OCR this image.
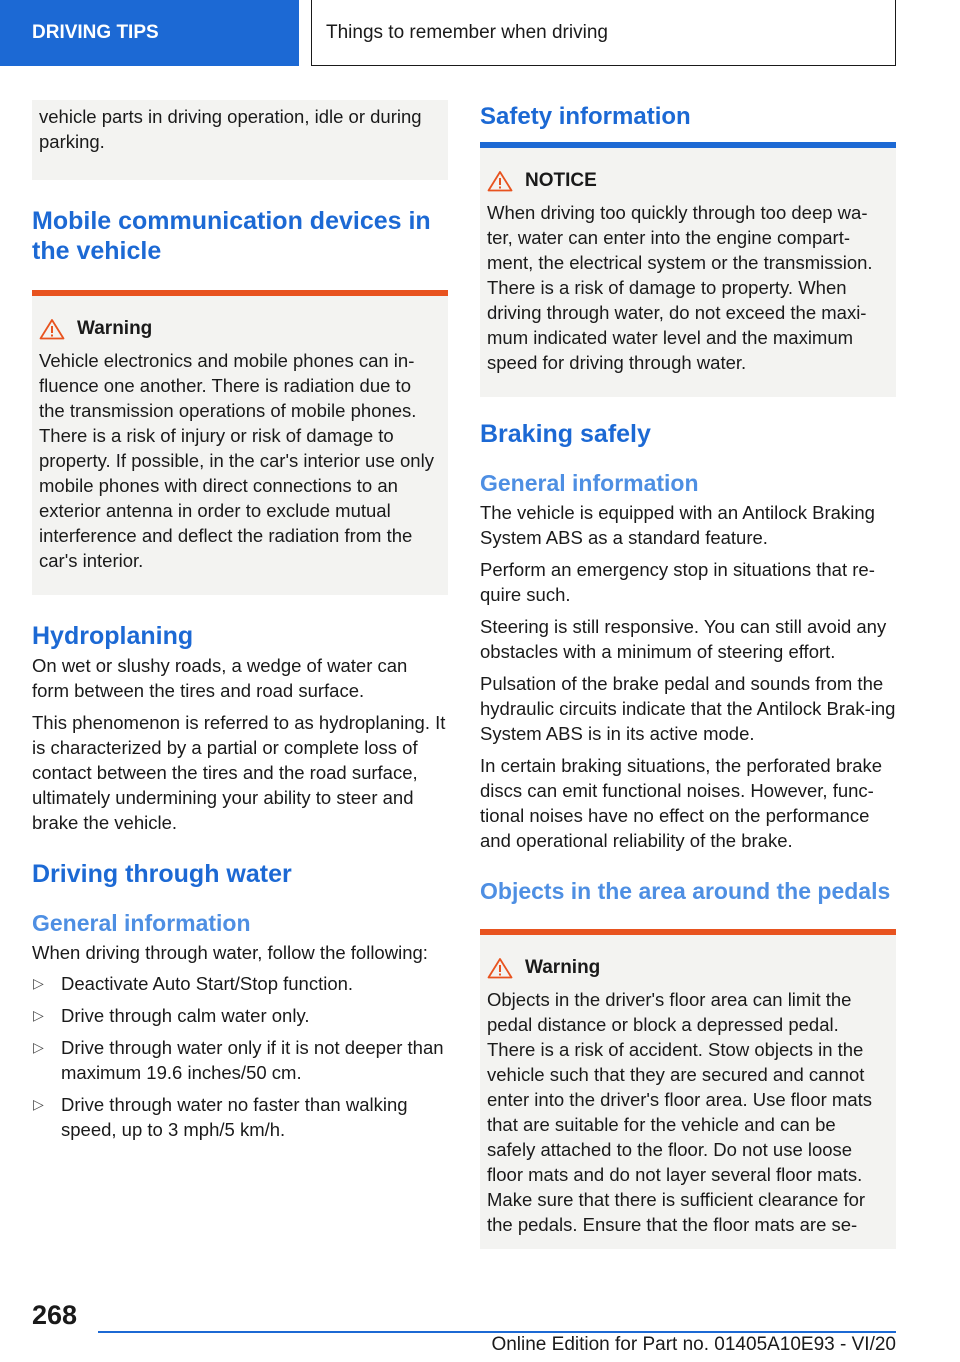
DRIVING TIPS	Things to remember when driving
vehicle parts in driving operation, idle or during parking.
Mobile communication devices in the vehicle
Warning
Vehicle electronics and mobile phones can in-fluence one another. There is radiation due to the transmission operations of mobile phones. There is a risk of injury or risk of damage to property. If possible, in the car's interior use only mobile phones with direct connections to an exterior antenna in order to exclude mutual interference and deflect the radiation from the car's interior.
Hydroplaning

On wet or slushy roads, a wedge of water can form between the tires and road surface.

This phenomenon is referred to as hydroplaning. It is characterized by a partial or complete loss of contact between the tires and the road surface, ultimately undermining your ability to steer and brake the vehicle.

Driving through water
General information

When driving through water, follow the following:

▷ Deactivate Auto Start/Stop function.
▷ Drive through calm water only.
▷ Drive through water only if it is not deeper than maximum 19.6 inches/50 cm.
▷ Drive through water no faster than walking speed, up to 3 mph/5 km/h.
Safety information
NOTICE
When driving too quickly through too deep wa-ter, water can enter into the engine compart-ment, the electrical system or the transmission. There is a risk of damage to property. When driving through water, do not exceed the maxi-mum indicated water level and the maximum speed for driving through water.
Braking safely
General information

The vehicle is equipped with an Antilock Braking System ABS as a standard feature.

Perform an emergency stop in situations that re-quire such.

Steering is still responsive. You can still avoid any obstacles with a minimum of steering effort.

Pulsation of the brake pedal and sounds from the hydraulic circuits indicate that the Antilock Brak-ing System ABS is in its active mode.

In certain braking situations, the perforated brake discs can emit functional noises. However, func-tional noises have no effect on the performance and operational reliability of the brake.

Objects in the area around the pedals
Warning
Objects in the driver's floor area can limit the pedal distance or block a depressed pedal. There is a risk of accident. Stow objects in the vehicle such that they are secured and cannot enter into the driver's floor area. Use floor mats that are suitable for the vehicle and can be safely attached to the floor. Do not use loose floor mats and do not layer several floor mats. Make sure that there is sufficient clearance for the pedals. Ensure that the floor mats are se-
268
Online Edition for Part no. 01405A10E93 - VI/20
